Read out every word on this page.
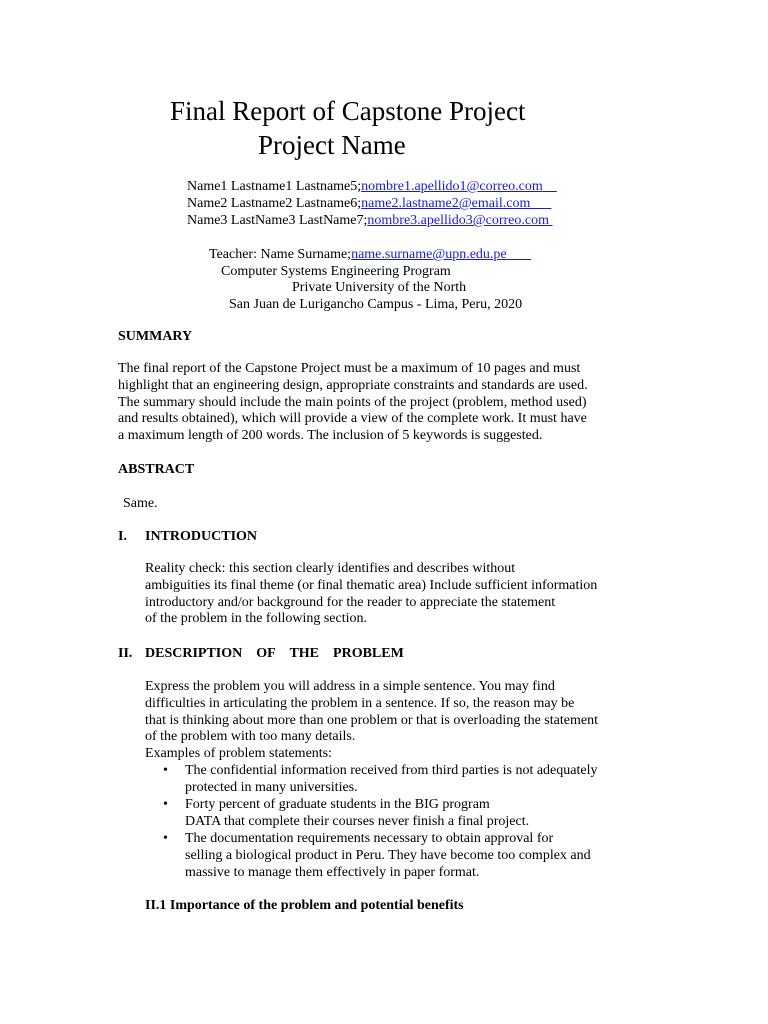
Final Report of Capstone Project
Project Name
Name1 Lastname1 Lastname5;nombre1.apellido1@correo.com
Name2 Lastname2 Lastname6;name2.lastname2@email.com
Name3 LastName3 LastName7;nombre3.apellido3@correo.com
Teacher: Name Surname;name.surname@upn.edu.pe
Computer Systems Engineering Program
Private University of the North
San Juan de Lurigancho Campus - Lima, Peru, 2020
SUMMARY
The final report of the Capstone Project must be a maximum of 10 pages and must
highlight that an engineering design, appropriate constraints and standards are used.
The summary should include the main points of the project (problem, method used)
and results obtained), which will provide a view of the complete work. It must have
a maximum length of 200 words. The inclusion of 5 keywords is suggested.
ABSTRACT
Same.
I. INTRODUCTION
Reality check: this section clearly identifies and describes without
ambiguities its final theme (or final thematic area) Include sufficient information
introductory and/or background for the reader to appreciate the statement
of the problem in the following section.
II. DESCRIPTION OF THE PROBLEM
Express the problem you will address in a simple sentence. You may find
difficulties in articulating the problem in a sentence. If so, the reason may be
that is thinking about more than one problem or that is overloading the statement
of the problem with too many details.
Examples of problem statements:
• The confidential information received from third parties is not adequately
protected in many universities.
• Forty percent of graduate students in the BIG program
DATA that complete their courses never finish a final project.
• The documentation requirements necessary to obtain approval for
selling a biological product in Peru. They have become too complex and
massive to manage them effectively in paper format.
II.1 Importance of the problem and potential benefits
